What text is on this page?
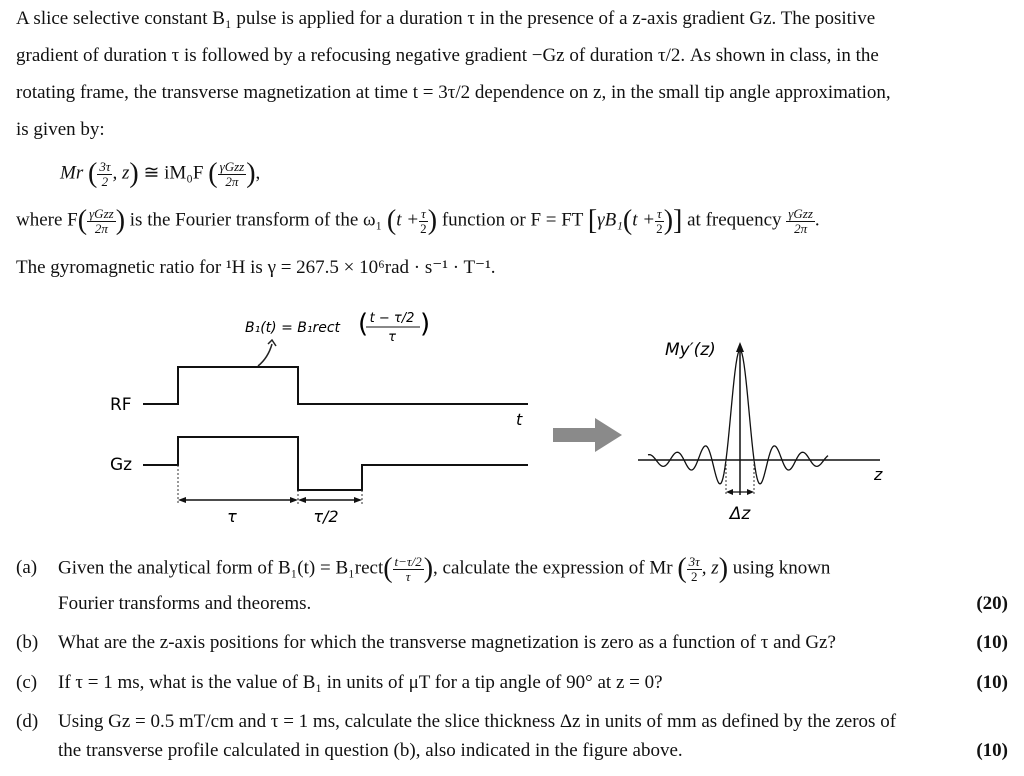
A slice selective constant B₁ pulse is applied for a duration τ in the presence of a z-axis gradient Gz. The positive
gradient of duration τ is followed by a refocusing negative gradient −Gz of duration τ/2. As shown in class, in the
rotating frame, the transverse magnetization at time t = 3τ/2 dependence on z, in the small tip angle approximation,
is given by:
Mr ( $\frac{3\tau}{2}$ , z) ≅ iM₀F ( $\frac{\text{γGzz}}{2\pi}$ ),
where $F( \frac{\text{γGzz}}{2\pi}$ ) is the Fourier transform of the ω₁ ($t + \frac{\tau}{2}$ ) function or F = FT [$\gamma B_1(t + \frac{\tau}{2}$ )] at frequency $\frac{\text{γGzz}}{2\pi}$ .
The gyromagnetic ratio for ¹H is γ = 267.5 × 10⁶rad · s⁻¹ · T⁻¹.
B₁(t) = B₁rect ( t − τ/2
τ )
RF
t
Gz
τ	τ/2
My′(z)
z
Δz
(a) Given the analytical form of B₁(t) = B₁rect( $\frac{t-\tau/2}{\tau}$ ), calculate the expression of Mr ( $\frac{3\tau}{2}$ , z) using known
Fourier transforms and theorems.	(20)
(b) What are the z-axis positions for which the transverse magnetization is zero as a function of τ and Gz?	(10)
(c) If τ = 1 ms, what is the value of B₁ in units of μT for a tip angle of 90° at z = 0?	(10)
(d) Using Gz = 0.5 mT/cm and τ = 1 ms, calculate the slice thickness Δz in units of mm as defined by the zeros of
the transverse profile calculated in question (b), also indicated in the figure above.	(10)
